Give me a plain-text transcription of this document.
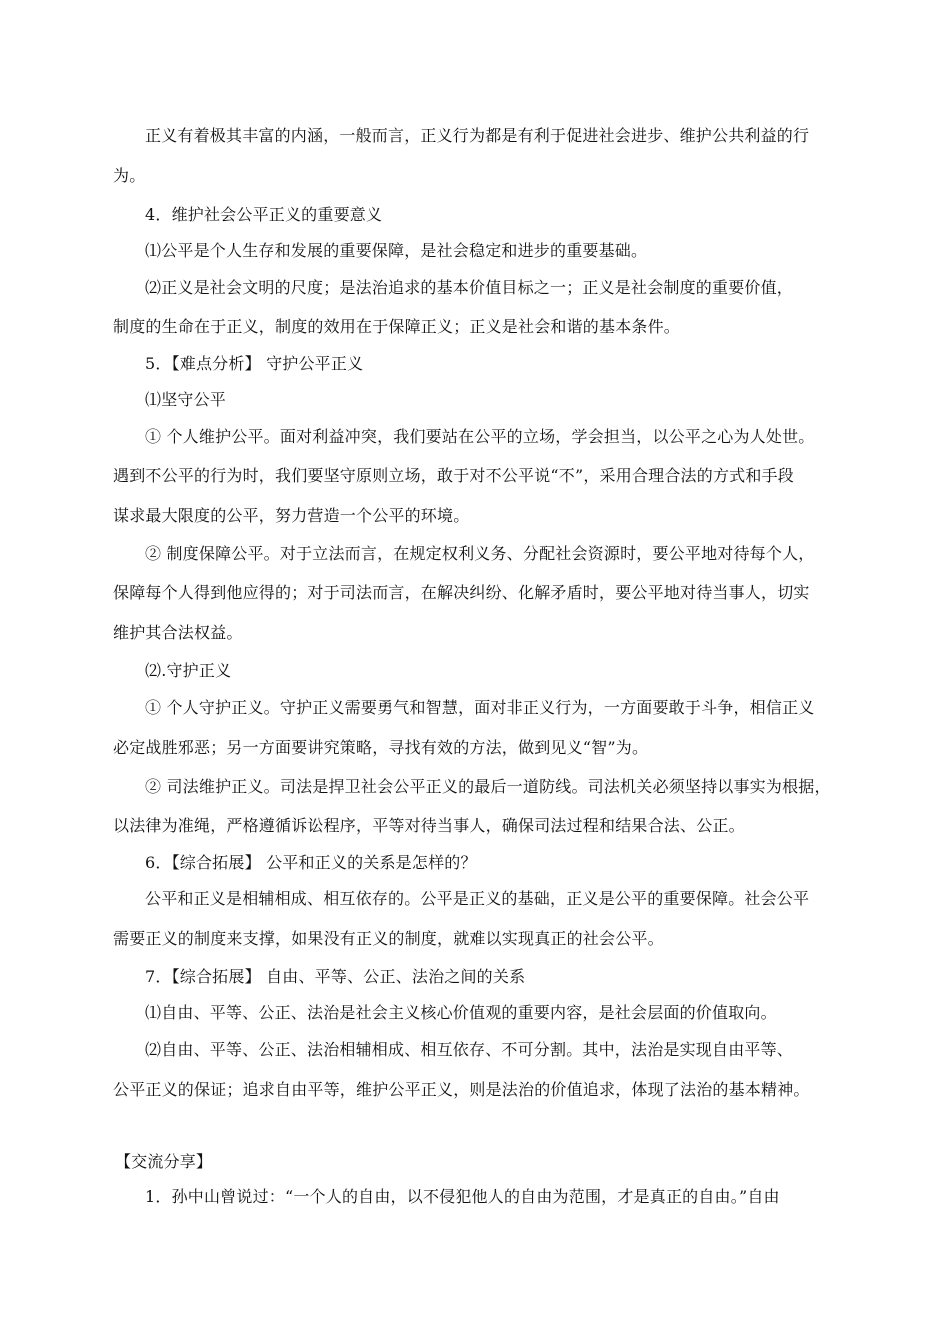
正义有着极其丰富的内涵，一般而言，正义行为都是有利于促进社会进步、维护公共利益的行
为。
4．维护社会公平正义的重要意义
⑴公平是个人生存和发展的重要保障，是社会稳定和进步的重要基础。
⑵正义是社会文明的尺度；是法治追求的基本价值目标之一；正义是社会制度的重要价值，
制度的生命在于正义，制度的效用在于保障正义；正义是社会和谐的基本条件。
5．【难点分析】 守护公平正义
⑴坚守公平
① 个人维护公平。面对利益冲突，我们要站在公平的立场，学会担当，以公平之心为人处世。
遇到不公平的行为时，我们要坚守原则立场，敢于对不公平说“不”，采用合理合法的方式和手段
谋求最大限度的公平，努力营造一个公平的环境。
② 制度保障公平。对于立法而言，在规定权利义务、分配社会资源时，要公平地对待每个人，
保障每个人得到他应得的；对于司法而言，在解决纠纷、化解矛盾时，要公平地对待当事人，切实
维护其合法权益。
⑵.守护正义
① 个人守护正义。守护正义需要勇气和智慧，面对非正义行为，一方面要敢于斗争，相信正义
必定战胜邪恶；另一方面要讲究策略，寻找有效的方法，做到见义“智”为。
② 司法维护正义。司法是捍卫社会公平正义的最后一道防线。司法机关必须坚持以事实为根据，
以法律为准绳，严格遵循诉讼程序，平等对待当事人，确保司法过程和结果合法、公正。
6．【综合拓展】 公平和正义的关系是怎样的？
公平和正义是相辅相成、相互依存的。公平是正义的基础，正义是公平的重要保障。社会公平
需要正义的制度来支撑，如果没有正义的制度，就难以实现真正的社会公平。
7．【综合拓展】 自由、平等、公正、法治之间的关系
⑴自由、平等、公正、法治是社会主义核心价值观的重要内容，是社会层面的价值取向。
⑵自由、平等、公正、法治相辅相成、相互依存、不可分割。其中，法治是实现自由平等、
公平正义的保证；追求自由平等，维护公平正义，则是法治的价值追求，体现了法治的基本精神。
【交流分享】
1．孙中山曾说过：“一个人的自由，以不侵犯他人的自由为范围，才是真正的自由。”自由
